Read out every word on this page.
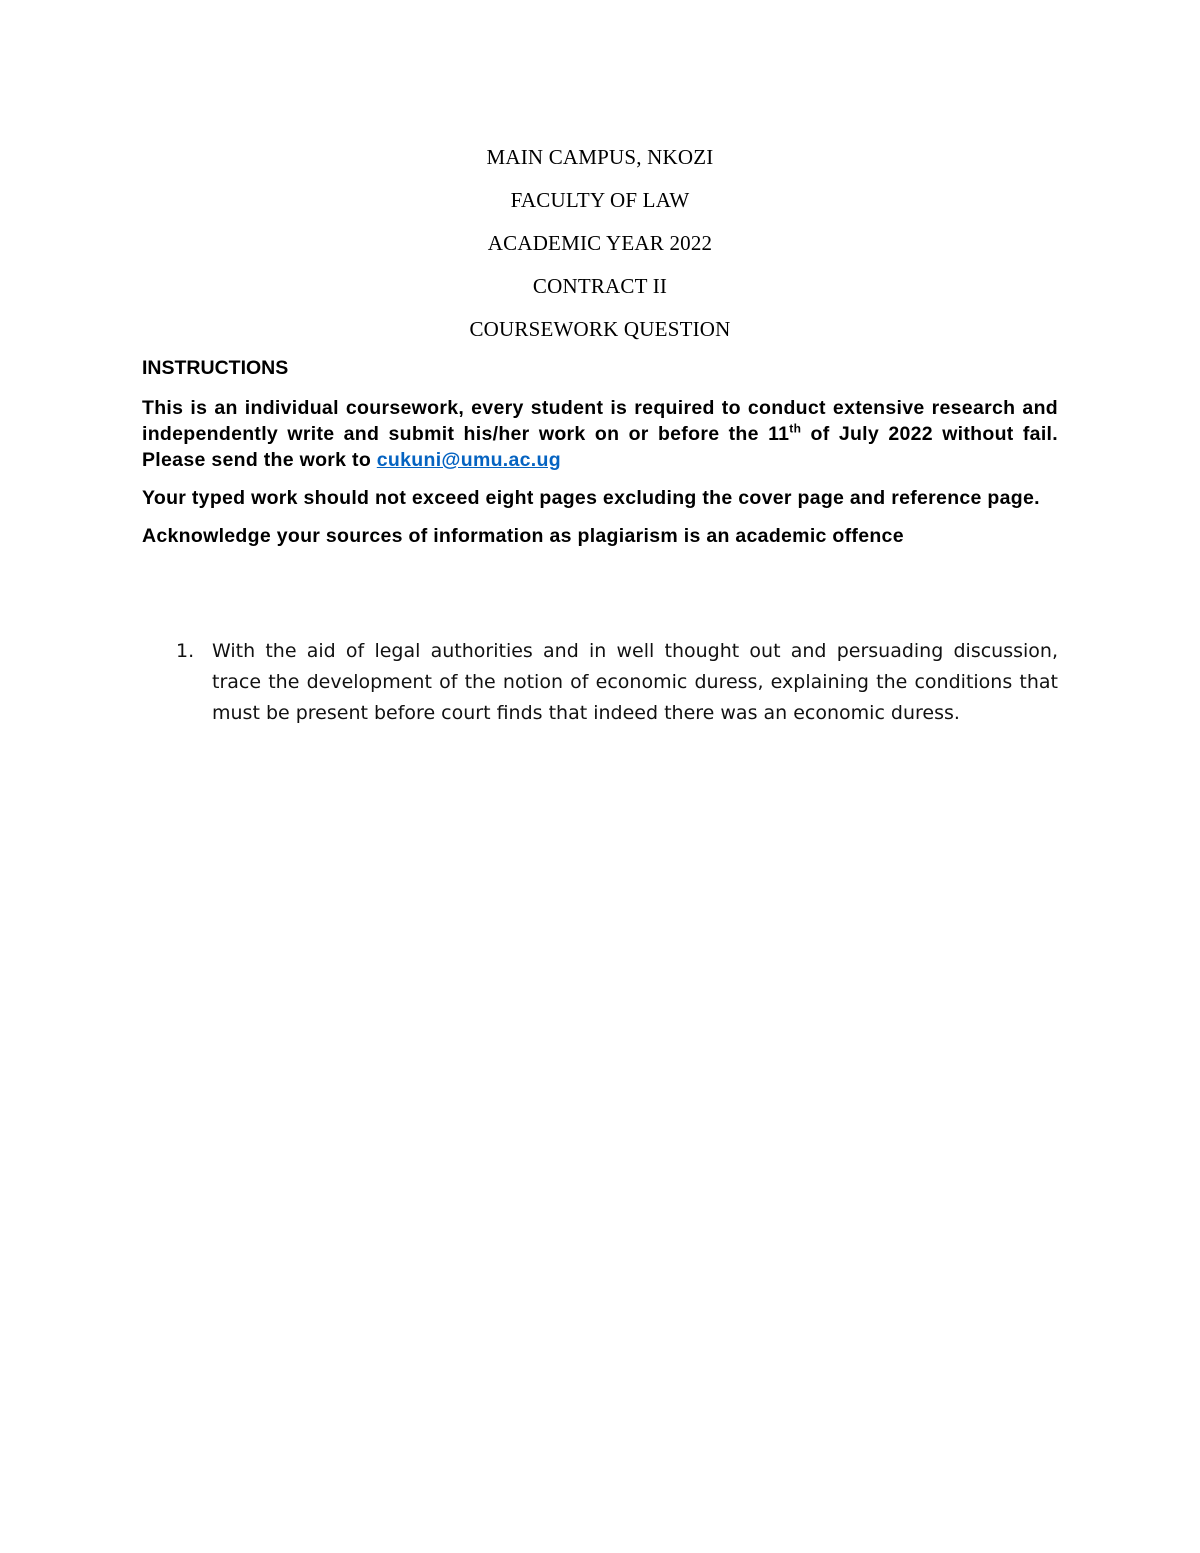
MAIN CAMPUS, NKOZI
FACULTY OF LAW
ACADEMIC YEAR 2022
CONTRACT II
COURSEWORK QUESTION
INSTRUCTIONS

This is an individual coursework, every student is required to conduct extensive research and independently write and submit his/her work on or before the 11th of July 2022 without fail. Please send the work to cukuni@umu.ac.ug

Your typed work should not exceed eight pages excluding the cover page and reference page.

Acknowledge your sources of information as plagiarism is an academic offence

1. With the aid of legal authorities and in well thought out and persuading discussion, trace the development of the notion of economic duress, explaining the conditions that must be present before court finds that indeed there was an economic duress.
